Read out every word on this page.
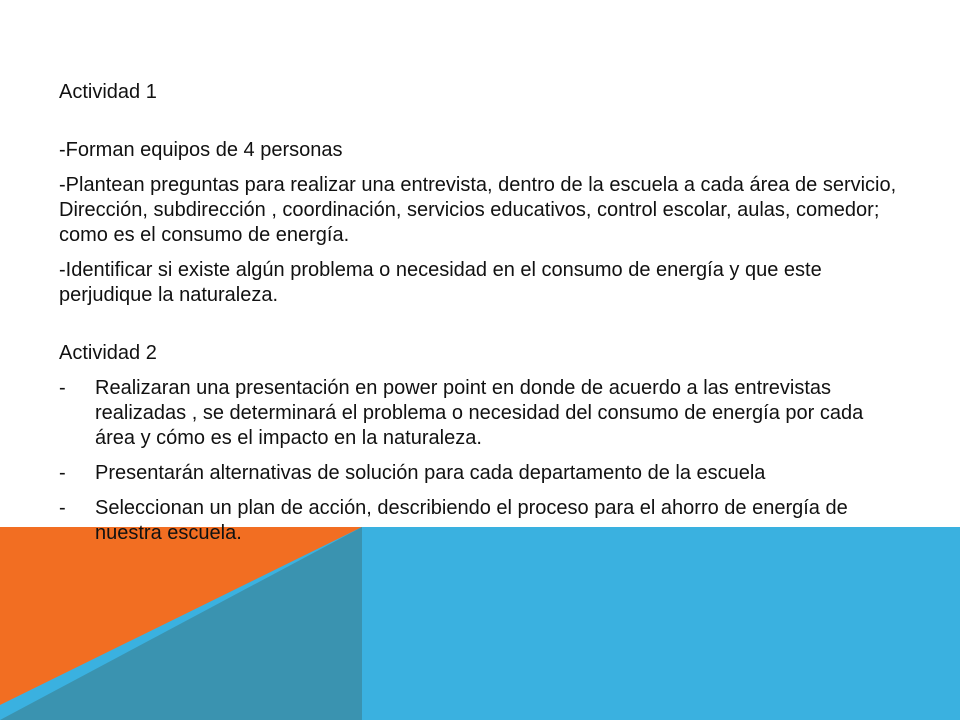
Actividad 1

-Forman equipos de 4 personas

-Plantean preguntas para realizar una entrevista, dentro de la escuela a cada área de servicio, Dirección, subdirección , coordinación, servicios educativos, control escolar, aulas, comedor; como es el consumo de energía.

-Identificar si existe algún problema o necesidad en el consumo de energía y que este perjudique la naturaleza.

Actividad 2

-	Realizaran una presentación en power point en donde de acuerdo a las entrevistas realizadas , se determinará el problema o necesidad del consumo de energía por cada área y cómo es el impacto en la naturaleza.
-	Presentarán alternativas de solución para cada departamento de la escuela
-	Seleccionan un plan de acción, describiendo el proceso para el ahorro de energía de nuestra escuela.
